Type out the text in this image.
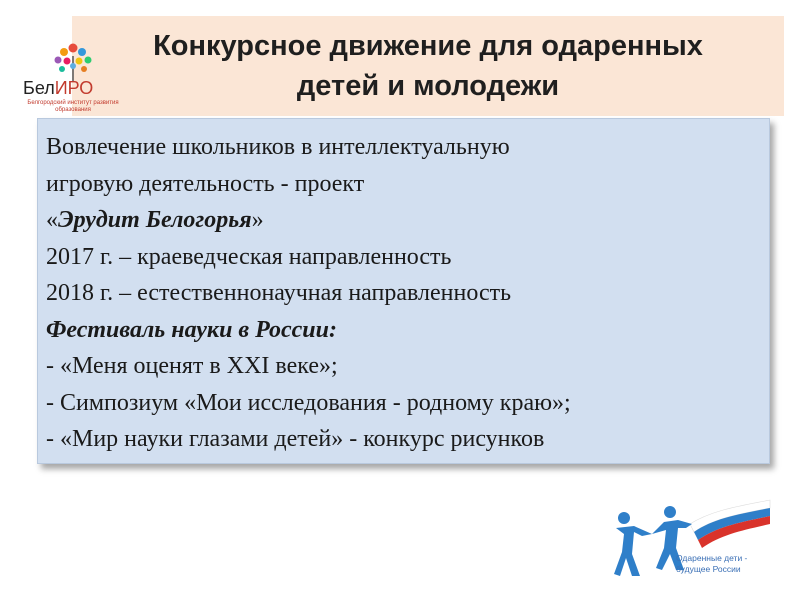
БелИРО
Белгородский институт развития образования
Конкурсное движение для одаренных
детей и молодежи
Вовлечение школьников в интеллектуальную
игровую деятельность - проект
«Эрудит Белогорья»
2017 г. – краеведческая направленность
2018 г. – естественнонаучная направленность
Фестиваль науки в России:
- «Меня оценят в XXI веке»;
- Симпозиум «Мои исследования - родному краю»;
- «Мир науки глазами детей» - конкурс рисунков
Одаренные дети -
будущее России
